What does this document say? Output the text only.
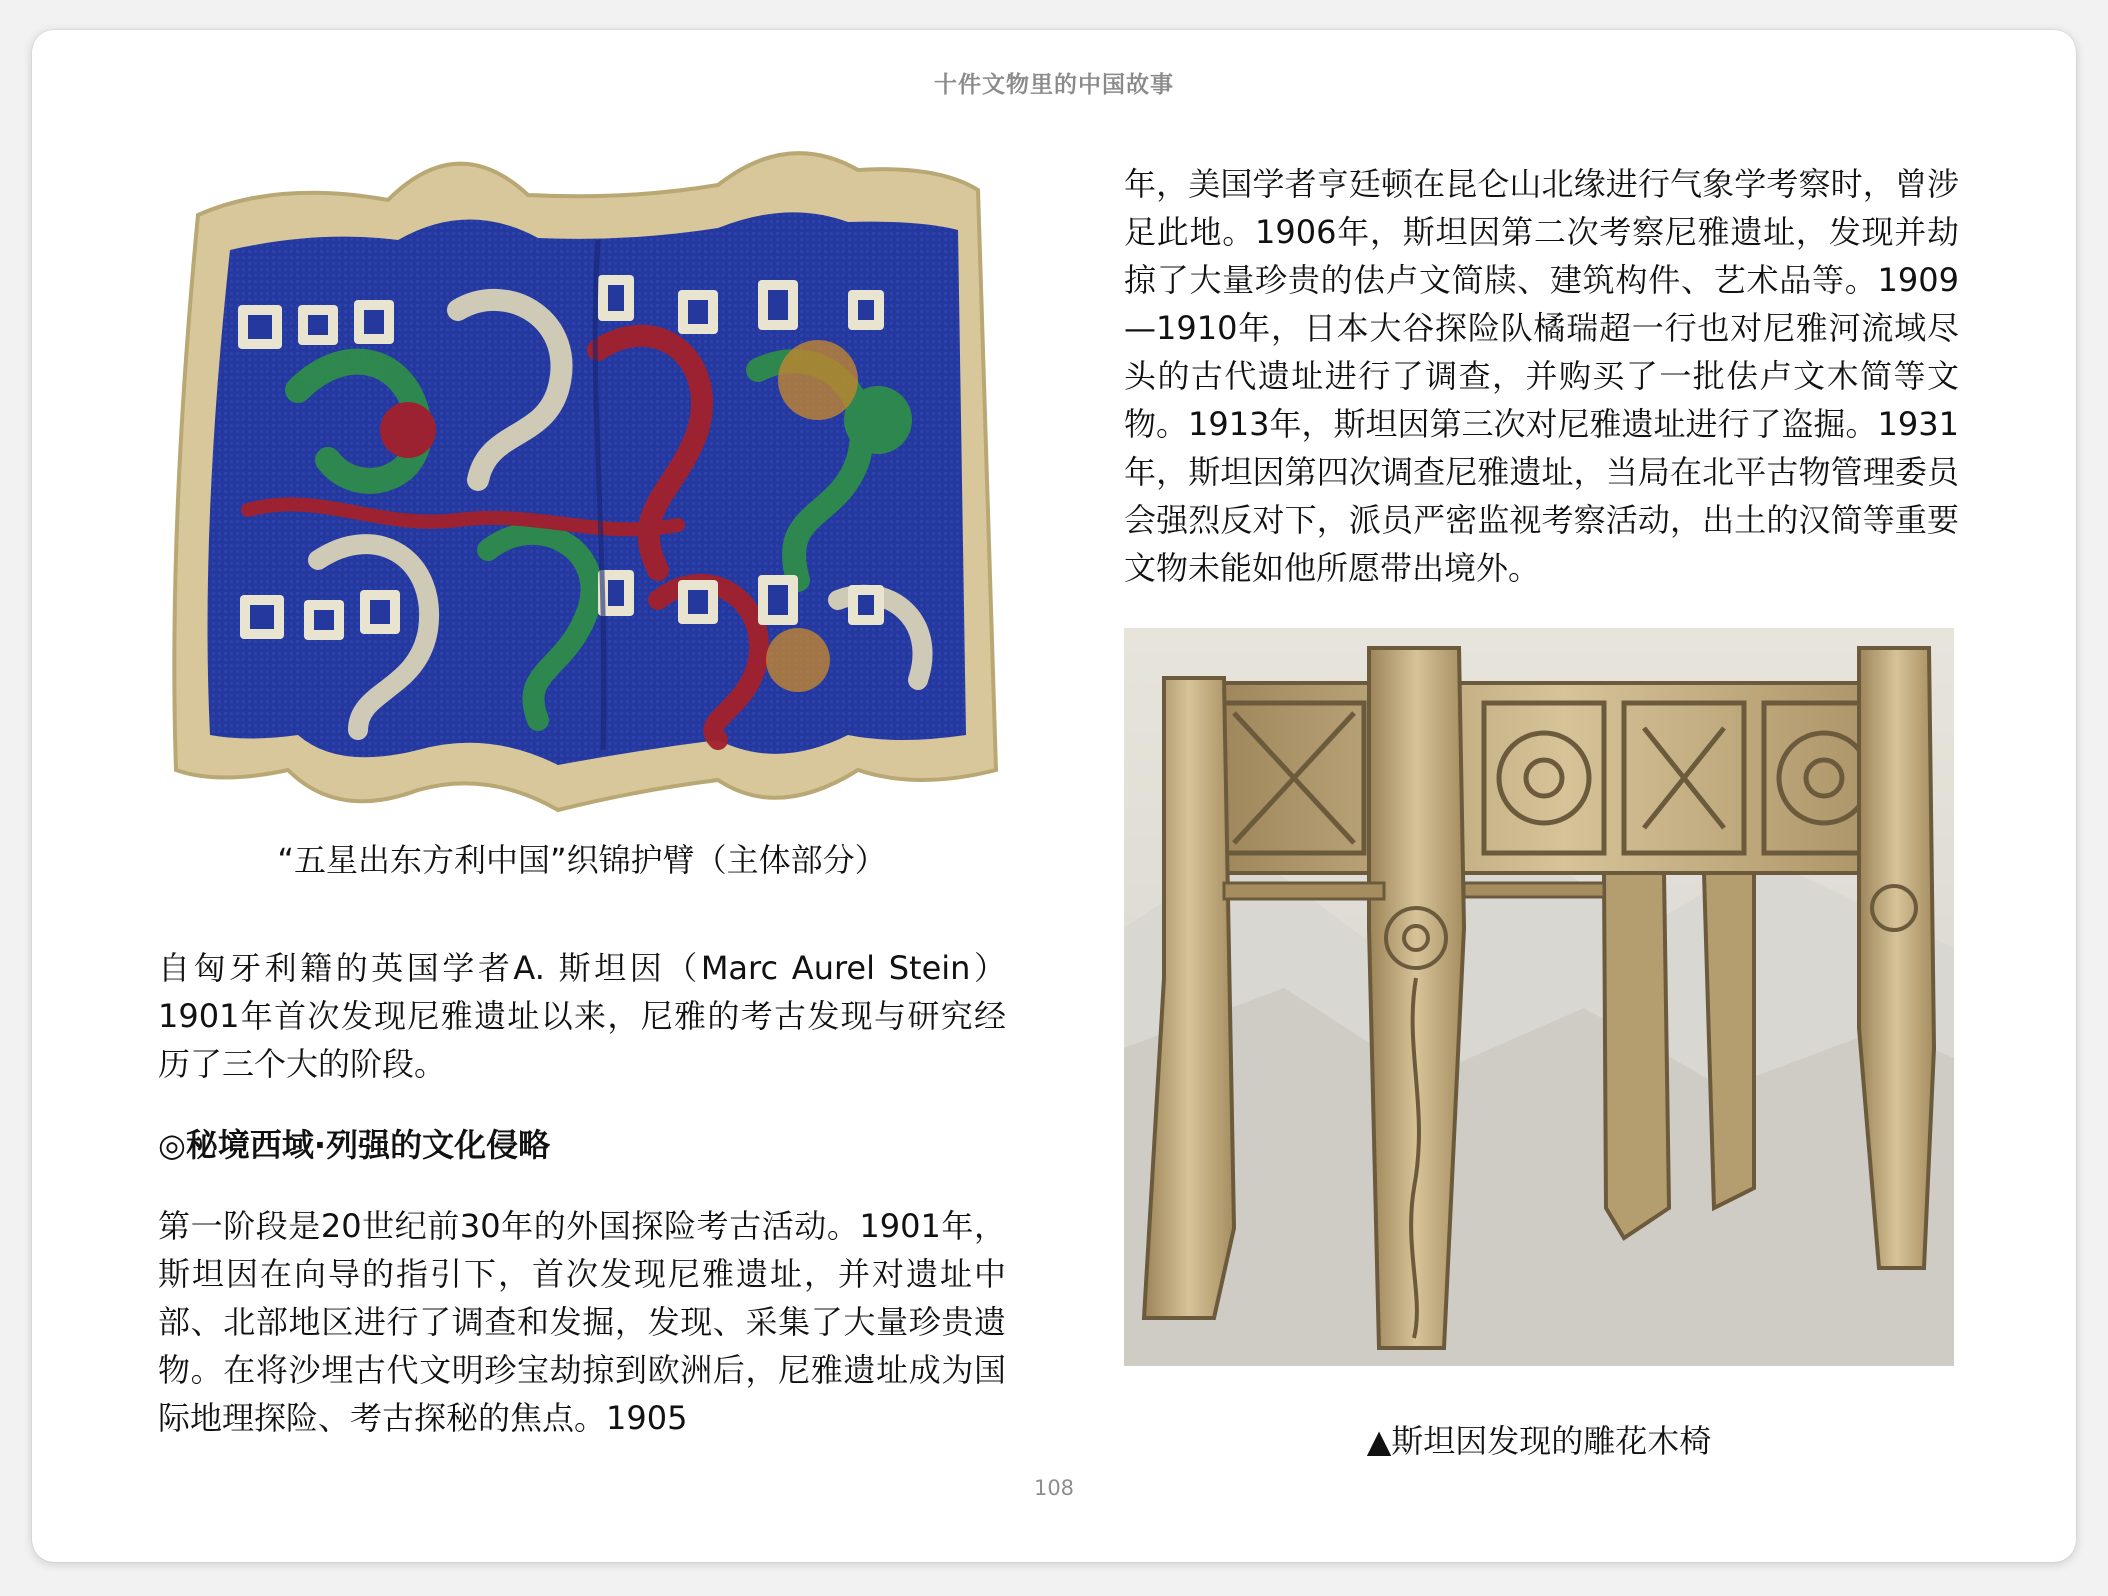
十件文物里的中国故事
“五星出东方利中国”织锦护臂（主体部分）

自匈牙利籍的英国学者A. 斯坦因（Marc Aurel Stein）1901年首次发现尼雅遗址以来，尼雅的考古发现与研究经历了三个大的阶段。

◎秘境西域·列强的文化侵略

第一阶段是20世纪前30年的外国探险考古活动。1901年，斯坦因在向导的指引下，首次发现尼雅遗址，并对遗址中部、北部地区进行了调查和发掘，发现、采集了大量珍贵遗物。在将沙埋古代文明珍宝劫掠到欧洲后，尼雅遗址成为国际地理探险、考古探秘的焦点。1905

年，美国学者亨廷顿在昆仑山北缘进行气象学考察时，曾涉足此地。1906年，斯坦因第二次考察尼雅遗址，发现并劫掠了大量珍贵的佉卢文简牍、建筑构件、艺术品等。1909—1910年，日本大谷探险队橘瑞超一行也对尼雅河流域尽头的古代遗址进行了调查，并购买了一批佉卢文木简等文物。1913年，斯坦因第三次对尼雅遗址进行了盗掘。1931年，斯坦因第四次调查尼雅遗址，当局在北平古物管理委员会强烈反对下，派员严密监视考察活动，出土的汉简等重要文物未能如他所愿带出境外。

▲斯坦因发现的雕花木椅
108
